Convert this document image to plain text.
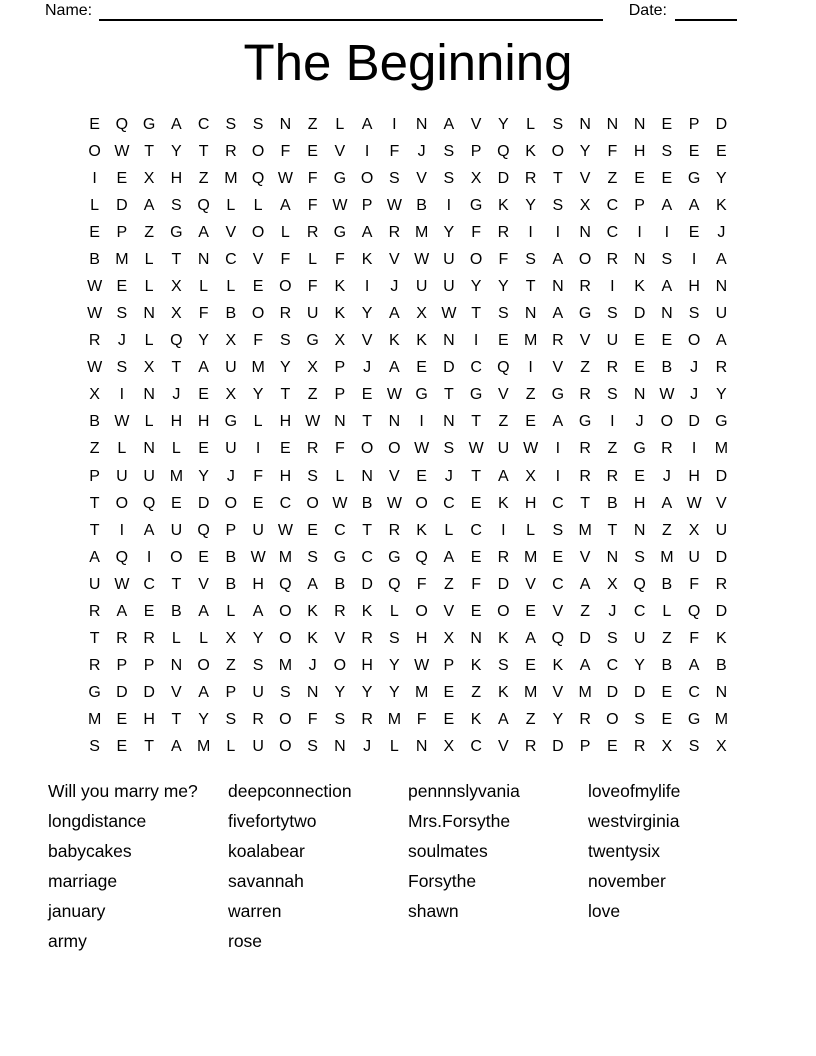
Name:	Date:
The Beginning
E Q G A	C	S	S	N	Z	L	A	I	N	A	V	Y	L	S	N N N	E	P	D
O W T	Y	T	R O	F	E	V	I	F	J	S	P Q K O Y	F	H	S	E	E
I	E	X	H	Z M Q W F	G O S	V	S	X	D R	T	V	Z	E	E G Y
L	D	A	S Q	L	L	A	F W P W B	I	G K	Y	S	X	C	P	A	A	K
E	P	Z	G A	V O	L	R G A	R M Y	F	R	I	I	N C	I	I	E	J
B M	L	T	N C	V	F	L	F	K	V W U O	F	S	A O R N	S	I	A
W E	L	X	L	L	E O	F	K	I	J	U U	Y	Y	T	N R	I	K	A	H N
W S	N	X	F	B O R U	K	Y	A	X W T	S	N	A G S	D N	S	U
R	J	L	Q Y	X	F	S G X	V	K	K	N	I	E M R	V	U	E	E O A
W S	X	T	A	U M Y	X	P	J	A	E	D C Q	I	V	Z	R	E	B	J	R
X	I	N	J	E	X	Y	T	Z	P	E W G	T	G V	Z	G R	S	N W J	Y
B W L	H H G	L	H W N	T	N	I	N	T	Z	E	A G	I	J	O D G
Z	L	N	L	E	U	I	E	R	F	O O W S W U W	I	R	Z	G R	I	M
P	U U M Y	J	F	H	S	L	N	V	E	J	T	A	X	I	R R	E	J	H D
T	O Q E	D O E	C O W B W O C	E	K	H C	T	B	H	A W V
T	I	A	U Q P	U W E	C	T	R	K	L	C	I	L	S M T	N	Z	X	U
A Q	I	O E	B W M S G C G Q A	E	R M E	V	N	S M U D
U W C	T	V	B	H Q A	B	D Q	F	Z	F	D	V	C	A	X Q B	F	R
R	A	E	B	A	L	A O K	R	K	L	O V	E O E	V	Z	J	C	L	Q D
T	R R	L	L	X	Y O K	V	R	S	H	X	N	K	A Q D	S	U	Z	F	K
R	P	P	N O	Z	S M	J	O H	Y W P	K	S	E	K	A	C	Y	B	A	B
G D D	V	A	P	U	S	N	Y	Y	Y M E	Z	K M V M D D	E	C N
M E	H	T	Y	S	R O	F	S	R M F	E	K	A	Z	Y	R O S	E G M
S	E	T	A M	L	U O S	N	J	L	N	X	C	V	R D	P	E	R	X	S	X
Will you marry me?
longdistance
babycakes
marriage
january
army
deepconnection
fivefortytwo
koalabear
savannah
warren
rose
pennnslyvania
Mrs.Forsythe
soulmates
Forsythe
shawn
loveofmylife
westvirginia
twentysix
november
love
